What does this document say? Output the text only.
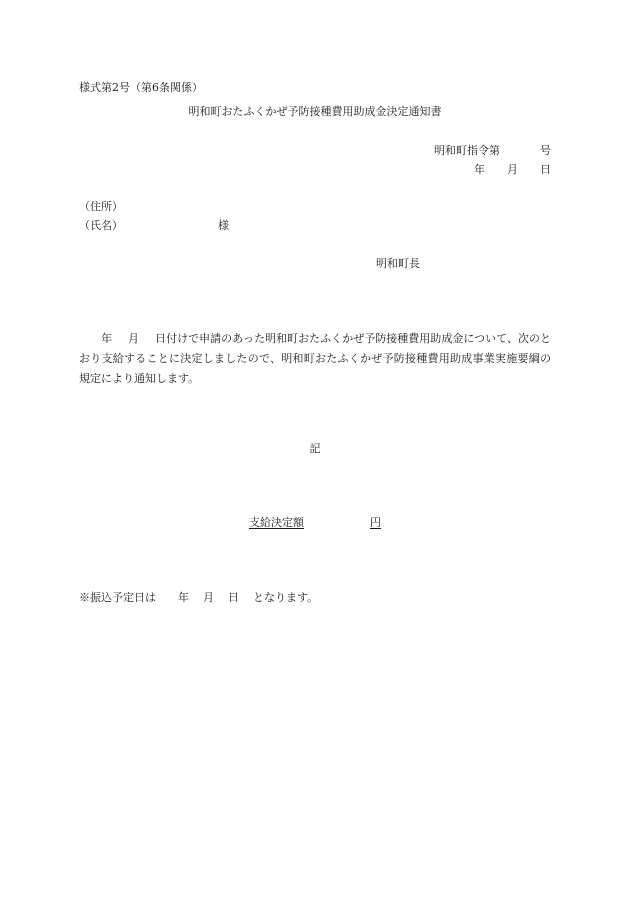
様式第2号（第6条関係）
明和町おたふくかぜ予防接種費用助成金決定通知書
明和町指令第	号
年 月 日
（住所）
（氏名）	様
明和町長
年 月 日付けで申請のあった明和町おたふくかぜ予防接種費用助成金について、次のとおり支給することに決定しましたので、明和町おたふくかぜ予防接種費用助成事業実施要綱の規定により通知します。
記
支給決定額	円
※振込予定日は 年 月 日 となります。
